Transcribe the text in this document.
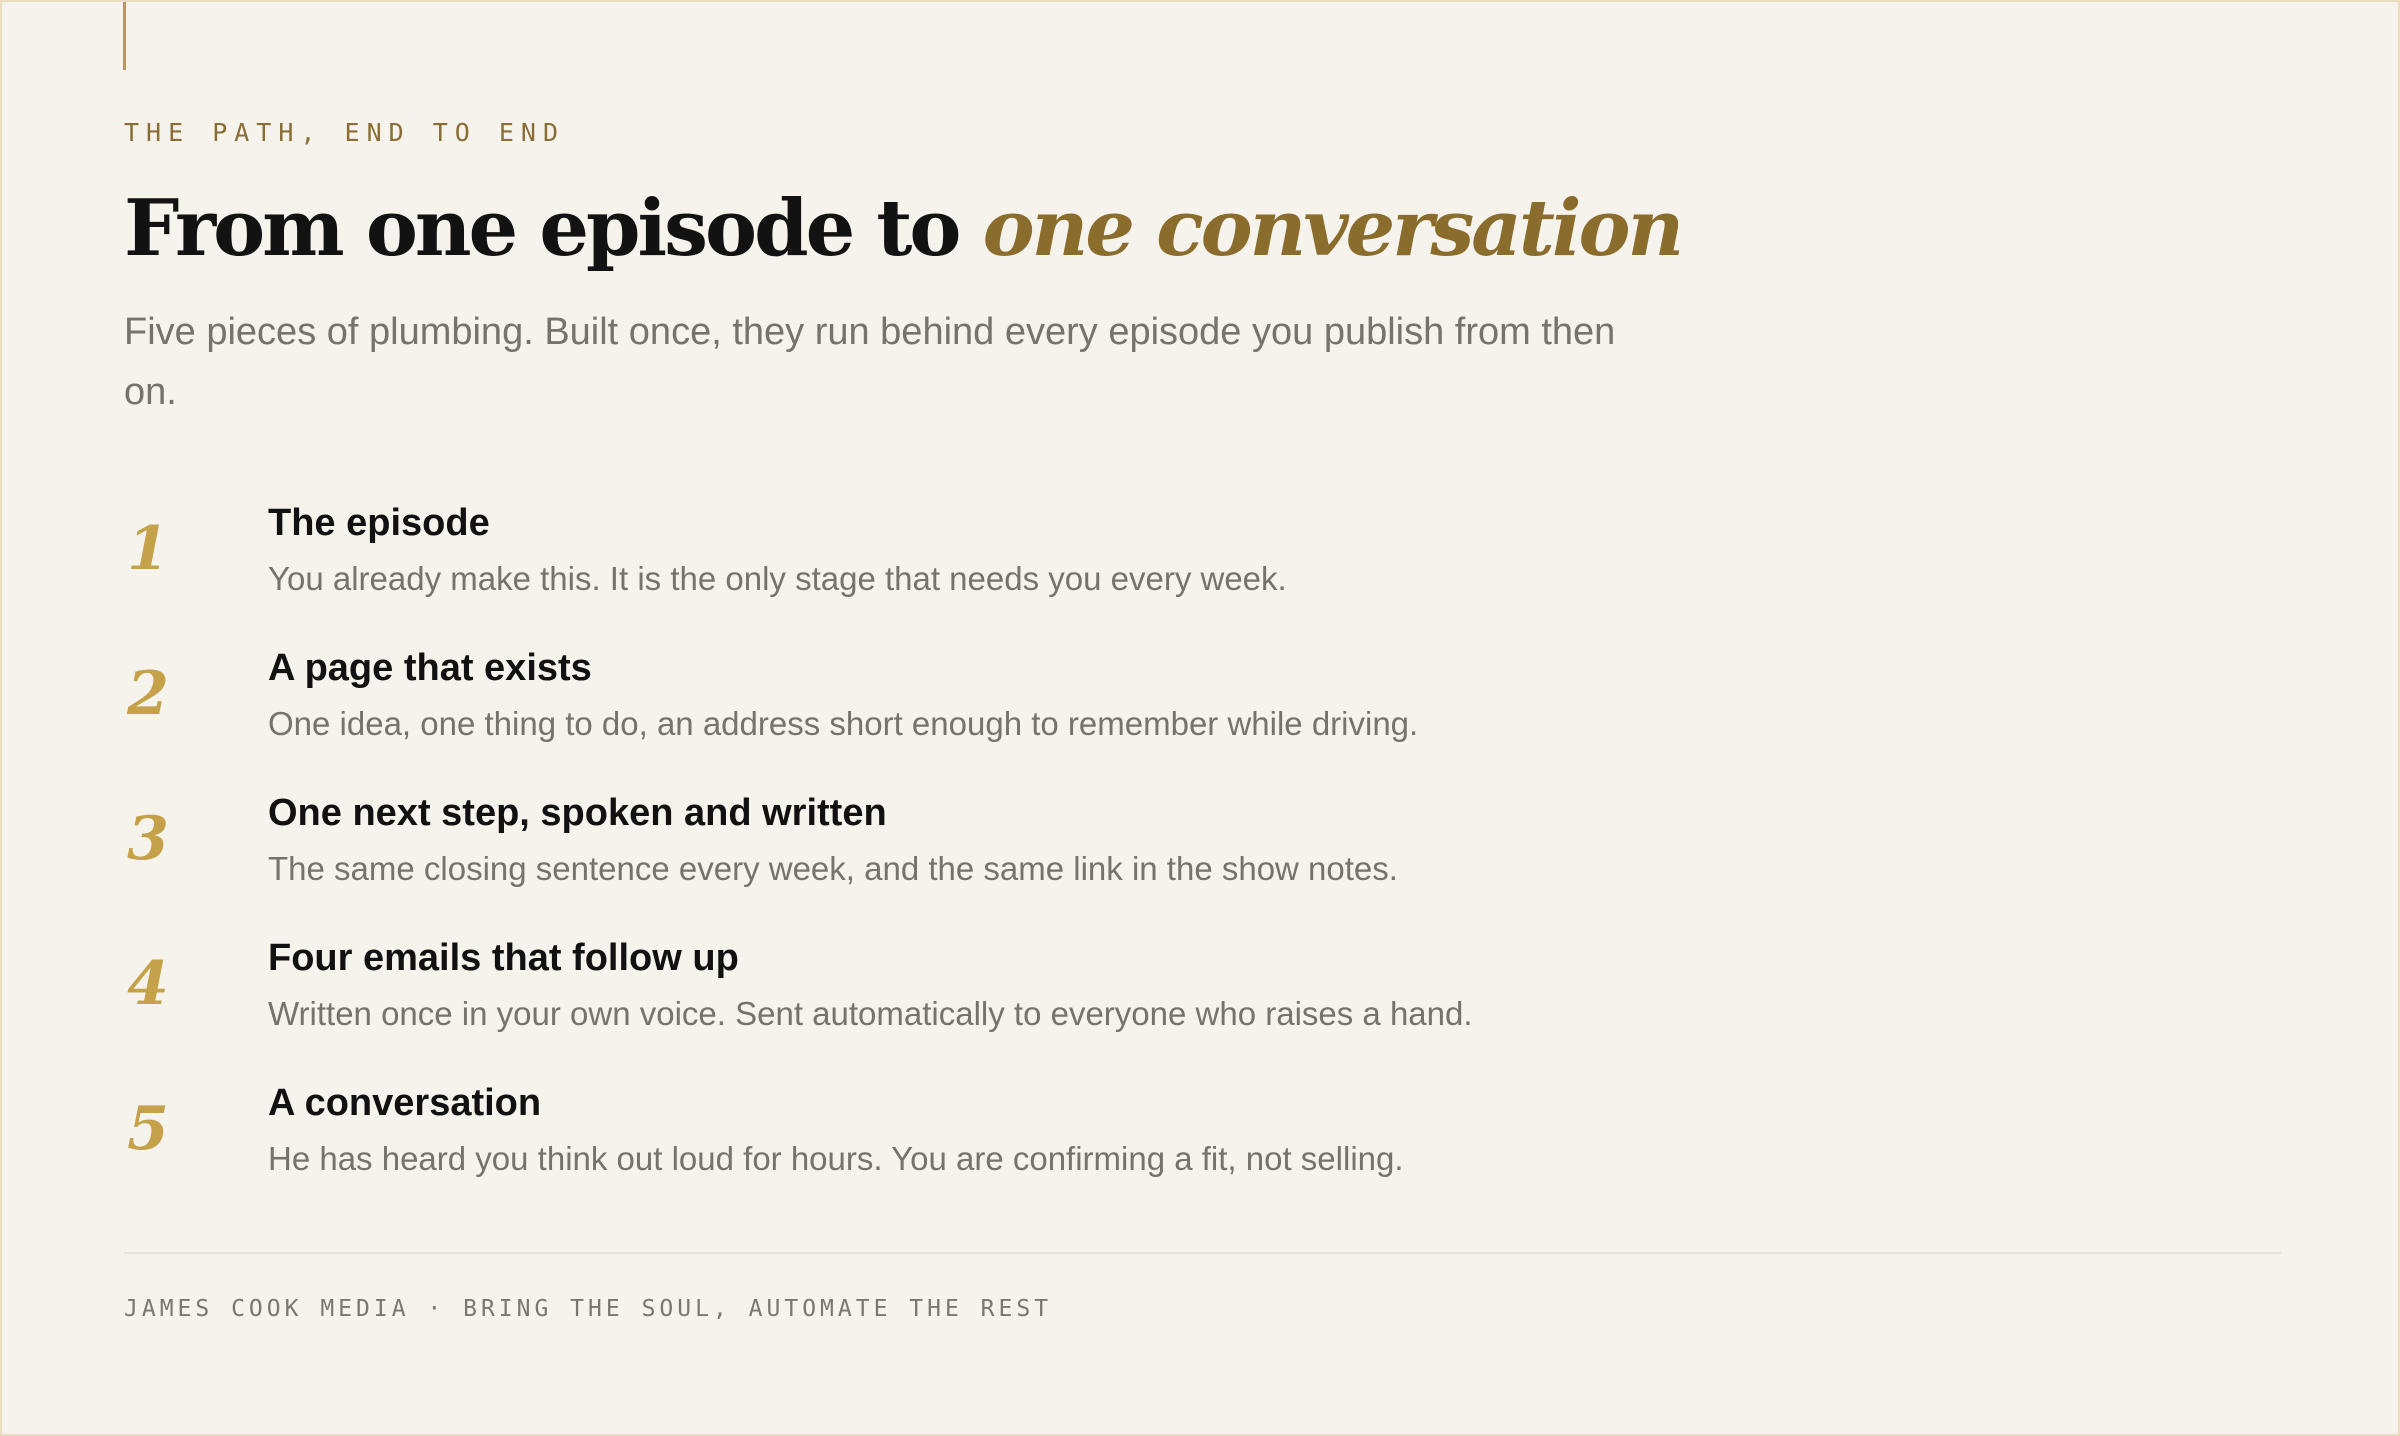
THE PATH, END TO END

From one episode to one conversation

Five pieces of plumbing. Built once, they run behind every episode you publish from then on.

1	The episode

You already make this. It is the only stage that needs you every week.

2	A page that exists

One idea, one thing to do, an address short enough to remember while driving.

3	One next step, spoken and written

The same closing sentence every week, and the same link in the show notes.

4	Four emails that follow up

Written once in your own voice. Sent automatically to everyone who raises a hand.

5	A conversation

He has heard you think out loud for hours. You are confirming a fit, not selling.

JAMES COOK MEDIA · BRING THE SOUL, AUTOMATE THE REST
